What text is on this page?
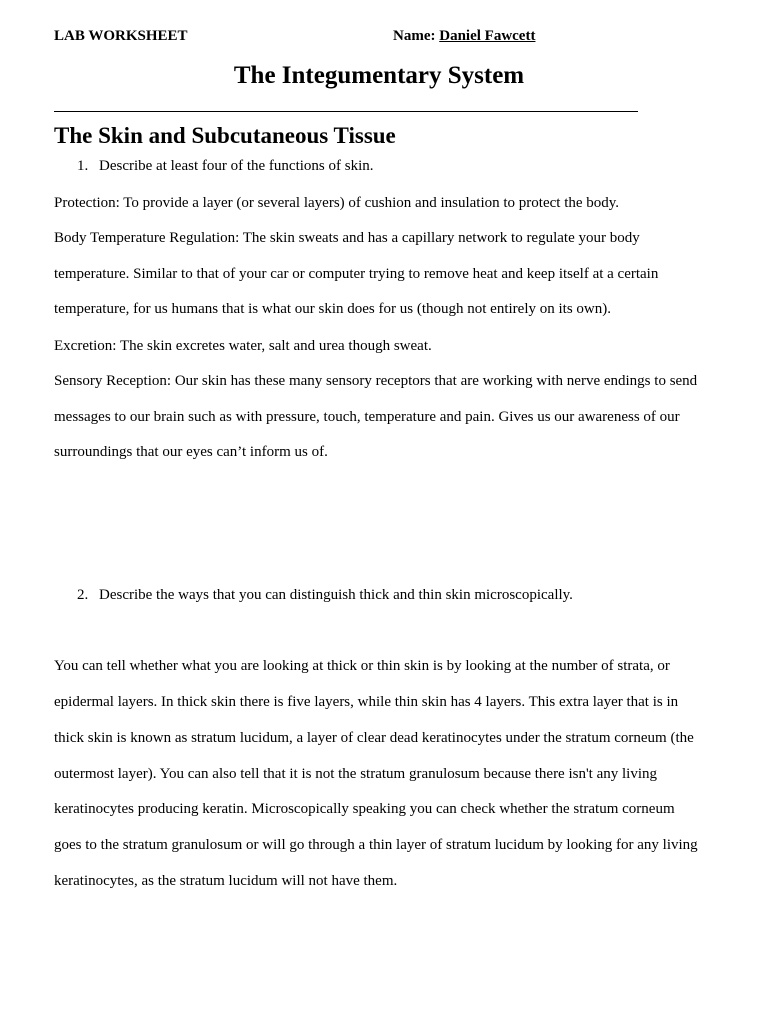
LAB WORKSHEET	Name: Daniel Fawcett
The Integumentary System
The Skin and Subcutaneous Tissue
1. Describe at least four of the functions of skin.
Protection: To provide a layer (or several layers) of cushion and insulation to protect the body.
Body Temperature Regulation: The skin sweats and has a capillary network to regulate your body
temperature. Similar to that of your car or computer trying to remove heat and keep itself at a certain
temperature, for us humans that is what our skin does for us (though not entirely on its own).
Excretion: The skin excretes water, salt and urea though sweat.
Sensory Reception: Our skin has these many sensory receptors that are working with nerve endings to send
messages to our brain such as with pressure, touch, temperature and pain. Gives us our awareness of our
surroundings that our eyes can’t inform us of.
2. Describe the ways that you can distinguish thick and thin skin microscopically.
You can tell whether what you are looking at thick or thin skin is by looking at the number of strata, or
epidermal layers. In thick skin there is five layers, while thin skin has 4 layers. This extra layer that is in
thick skin is known as stratum lucidum, a layer of clear dead keratinocytes under the stratum corneum (the
outermost layer). You can also tell that it is not the stratum granulosum because there isn't any living
keratinocytes producing keratin. Microscopically speaking you can check whether the stratum corneum
goes to the stratum granulosum or will go through a thin layer of stratum lucidum by looking for any living
keratinocytes, as the stratum lucidum will not have them.
